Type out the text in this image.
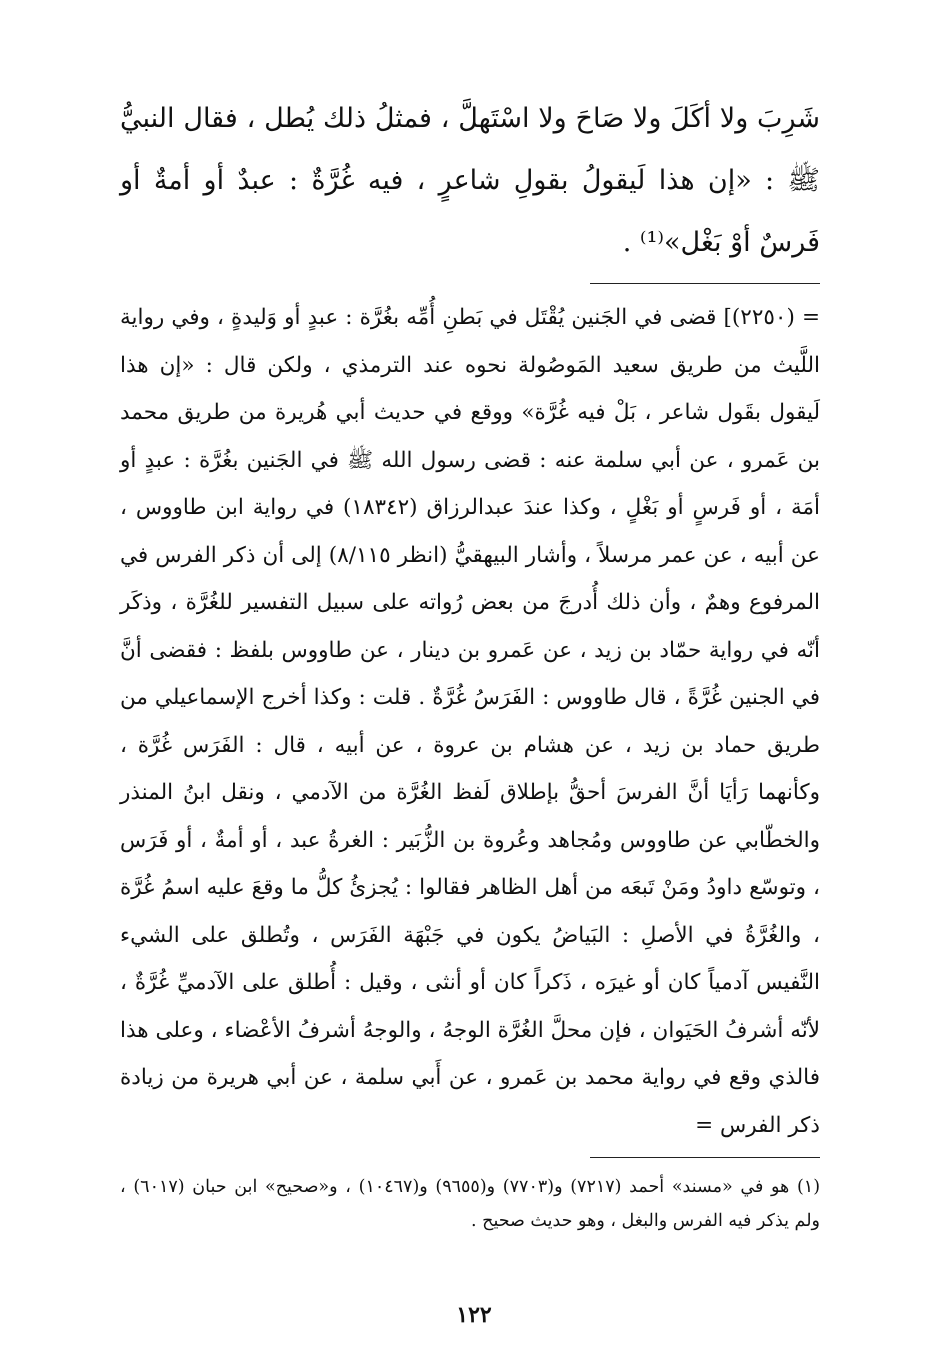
شَرِبَ ولا أكَلَ ولا صَاحَ ولا اسْتَهلَّ ، فمثلُ ذلك يُطل ، فقال النبيُّ ﷺ : «إن هذا لَيقولُ بقولِ شاعرٍ ، فيه غُرَّةٌ : عبدٌ أو أمةٌ أو فَرسٌ أوْ بَغْل»⁽¹⁾ .

= (٢٢٥٠)] قضى في الجَنين يُقْتَل في بَطنِ أُمِّه بغُرَّة : عبدٍ أو وَليدةٍ ، وفي رواية اللَّيث من طريق سعيد المَوصُولة نحوه عند الترمذي ، ولكن قال : «إن هذا لَيقول بقَول شاعر ، بَلْ فيه غُرَّة» ووقع في حديث أبي هُريرة من طريق محمد بن عَمرو ، عن أبي سلمة عنه : قضى رسول الله ﷺ في الجَنين بغُرَّة : عبدٍ أو أمَة ، أو فَرسٍ أو بَغْلٍ ، وكذا عندَ عبدالرزاق (١٨٣٤٢) في رواية ابن طاووس ، عن أبيه ، عن عمر مرسلاً ، وأشار البيهقيُّ (انظر ٨/١١٥) إلى أن ذكر الفرس في المرفوع وهمٌ ، وأن ذلك أُدرجَ من بعض رُواته على سبيل التفسير للغُرَّة ، وذكَر أنّه في رواية حمّاد بن زيد ، عن عَمرو بن دينار ، عن طاووس بلفظ : فقضى أنَّ في الجنين غُرَّةً ، قال طاووس : الفَرَسُ غُرَّةٌ . قلت : وكذا أخرج الإسماعيلي من طريق حماد بن زيد ، عن هشام بن عروة ، عن أبيه ، قال : الفَرَس غُرَّة ، وكأنهما رَأيَا أنَّ الفرسَ أحقُّ بإطلاق لَفظ الغُرَّة من الآدمي ، ونقل ابنُ المنذر والخطّابي عن طاووس ومُجاهد وعُروة بن الزُّبَير : الغرةُ عبد ، أو أمةٌ ، أو فَرَس ، وتوسّع داودُ ومَنْ تَبعَه من أهل الظاهر فقالوا : يُجزئُ كلُّ ما وقعَ عليه اسمُ غُرَّة ، والغُرَّةُ في الأصلِ : البَياضُ يكون في جَبْهَة الفَرَس ، وتُطلق على الشيء النَّفيس آدمياً كان أو غيرَه ، ذَكراً كان أو أنثى ، وقيل : أُطلق على الآدميِّ غُرَّةٌ ، لأنّه أشرفُ الحَيَوان ، فإن محلَّ الغُرَّة الوجهُ ، والوجهُ أشرفُ الأعْضاء ، وعلى هذا فالذي وقع في رواية محمد بن عَمرو ، عن أَبي سلمة ، عن أبي هريرة من زيادة ذكر الفرس =

(١) هو في «مسند» أحمد (٧٢١٧) و(٧٧٠٣) و(٩٦٥٥) و(١٠٤٦٧) ، و«صحيح» ابن حبان (٦٠١٧) ، ولم يذكر فيه الفرس والبغل ، وهو حديث صحيح .

١٢٢
